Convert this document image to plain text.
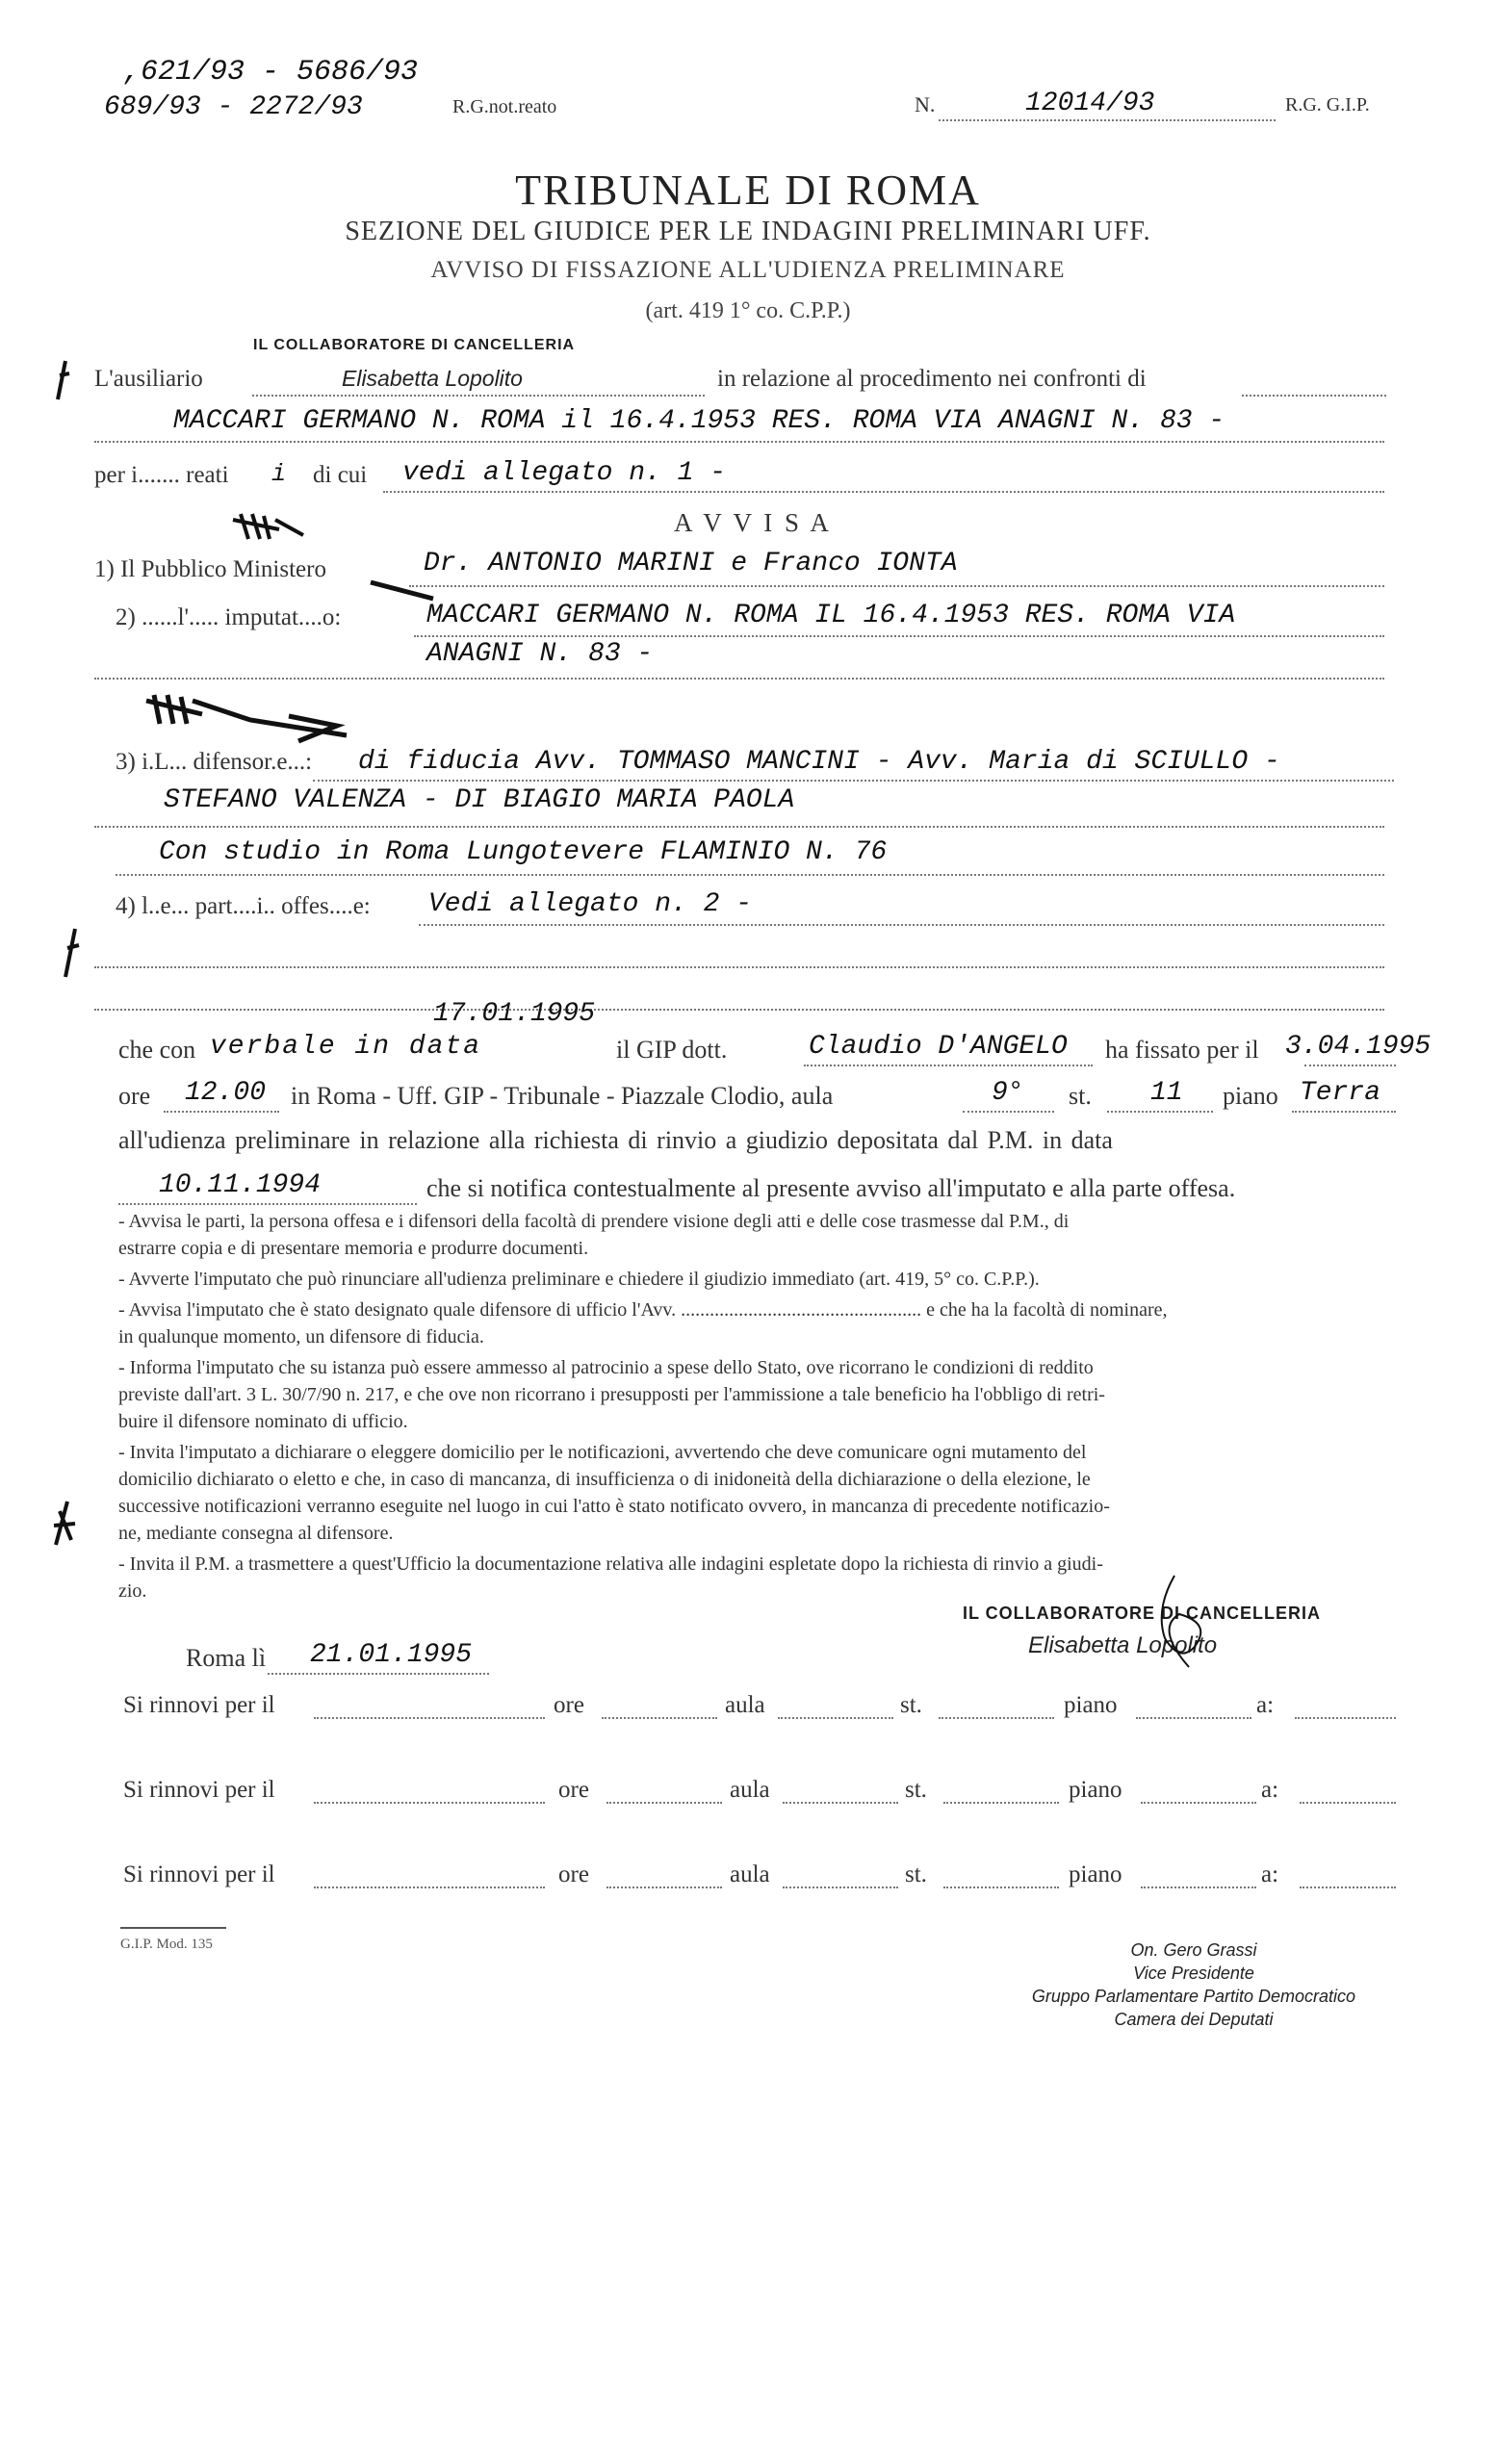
,621/93 - 5686/93
689/93 - 2272/93	R.G.not.reato	N.	12014/93	R.G. G.I.P.
TRIBUNALE DI ROMA
SEZIONE DEL GIUDICE PER LE INDAGINI PRELIMINARI UFF.
AVVISO DI FISSAZIONE ALL'UDIENZA PRELIMINARE
(art. 419 1° co. C.P.P.)
IL COLLABORATORE DI CANCELLERIA
L'ausiliario	Elisabetta Lopolito	in relazione al procedimento nei confronti di
MACCARI GERMANO N. ROMA il 16.4.1953 RES. ROMA VIA ANAGNI N. 83 -
per i....... reati i di cui vedi allegato n. 1 -
A V V I S A
1) Il Pubblico Ministero	Dr. ANTONIO MARINI e Franco IONTA
2) ......l'..... imputat....o:	MACCARI GERMANO N. ROMA IL 16.4.1953 RES. ROMA VIA
ANAGNI N. 83 -
3) i.L... difensor.e...: di fiducia Avv. TOMMASO MANCINI - Avv. Maria di SCIULLO -
STEFANO VALENZA - DI BIAGIO MARIA PAOLA
Con studio in Roma Lungotevere FLAMINIO N. 76
4) l..e... part....i.. offes....e: Vedi allegato n. 2 -
17.01.1995
che con verbale in data	il GIP dott.	Claudio D'ANGELO ha fissato per il 3.04.1995
ore 12.00 in Roma - Uff. GIP - Tribunale - Piazzale Clodio, aula	9° st. 11 piano Terra
all'udienza preliminare in relazione alla richiesta di rinvio a giudizio depositata dal P.M. in data
10.11.1994	che si notifica contestualmente al presente avviso all'imputato e alla parte offesa.
- Avvisa le parti, la persona offesa e i difensori della facoltà di prendere visione degli atti e delle cose trasmesse dal P.M., di
estrarre copia e di presentare memoria e produrre documenti.
- Avverte l'imputato che può rinunciare all'udienza preliminare e chiedere il giudizio immediato (art. 419, 5° co. C.P.P.).
- Avvisa l'imputato che è stato designato quale difensore di ufficio l'Avv. .................................................. e che ha la facoltà di nominare,
in qualunque momento, un difensore di fiducia.
- Informa l'imputato che su istanza può essere ammesso al patrocinio a spese dello Stato, ove ricorrano le condizioni di reddito
previste dall'art. 3 L. 30/7/90 n. 217, e che ove non ricorrano i presupposti per l'ammissione a tale beneficio ha l'obbligo di retri-
buire il difensore nominato di ufficio.
- Invita l'imputato a dichiarare o eleggere domicilio per le notificazioni, avvertendo che deve comunicare ogni mutamento del
domicilio dichiarato o eletto e che, in caso di mancanza, di insufficienza o di inidoneità della dichiarazione o della elezione, le
successive notificazioni verranno eseguite nel luogo in cui l'atto è stato notificato ovvero, in mancanza di precedente notificazio-
ne, mediante consegna al difensore.
- Invita il P.M. a trasmettere a quest'Ufficio la documentazione relativa alle indagini espletate dopo la richiesta di rinvio a giudi-
zio.
IL COLLABORATORE DI CANCELLERIA
Elisabetta Lopolito
Roma lì 21.01.1995
Si rinnovi per il	ore	aula	st.	piano	a:
Si rinnovi per il	ore	aula	st.	piano	a:
Si rinnovi per il	ore	aula	st.	piano	a:
G.I.P. Mod. 135	On. Gero Grassi
Vice Presidente
Gruppo Parlamentare Partito Democratico
Camera dei Deputati
